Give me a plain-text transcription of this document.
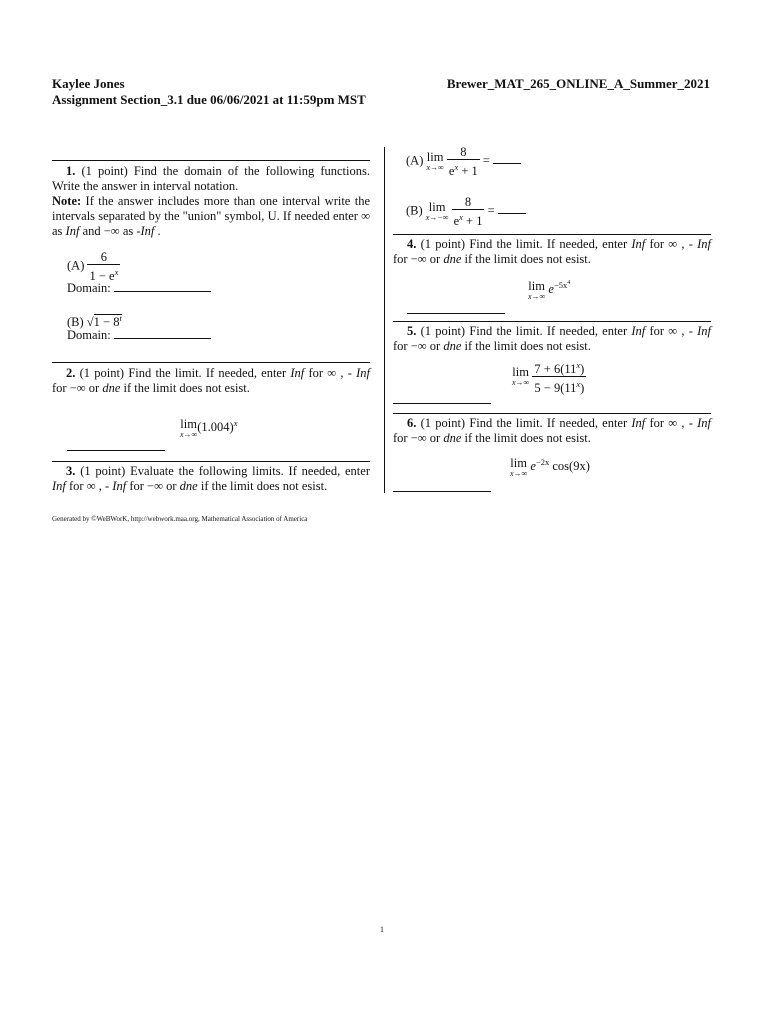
Kaylee Jones
Assignment Section_3.1 due 06/06/2021 at 11:59pm MST
Brewer_MAT_265_ONLINE_A_Summer_2021
1. (1 point) Find the domain of the following functions. Write the answer in interval notation.
Note: If the answer includes more than one interval write the intervals separated by the "union" symbol, U. If needed enter ∞ as Inf and −∞ as -Inf .
$(A) \frac{6}{1 - e^x}$
Domain:
(B) $√1 - 8^t$
Domain:
2. (1 point) Find the limit. If needed, enter Inf for ∞ , - Inf for −∞ or dne if the limit does not esist.
lim
x→∞
$(1.004)^x$
3. (1 point) Evaluate the following limits. If needed, enter Inf for ∞ , - Inf for −∞ or dne if the limit does not esist.
(A) lim
x→∞
$\frac{8}{e^x + 1}$ =
(B) lim
x→−∞
$\frac{8}{e^x + 1}$ =
4. (1 point) Find the limit. If needed, enter Inf for ∞ , - Inf for −∞ or dne if the limit does not esist.
lim
x→∞
$e^{-5x^4}$
5. (1 point) Find the limit. If needed, enter Inf for ∞ , - Inf for −∞ or dne if the limit does not esist.
lim
x→∞
$\frac{7 + 6(11^x)}{5 - 9(11^x)}$
6. (1 point) Find the limit. If needed, enter Inf for ∞ , - Inf for −∞ or dne if the limit does not esist.
lim
x→∞
$e^{-2x}$ cos(9x)
Generated by ©WeBWorK, http://webwork.maa.org, Mathematical Association of America
1
